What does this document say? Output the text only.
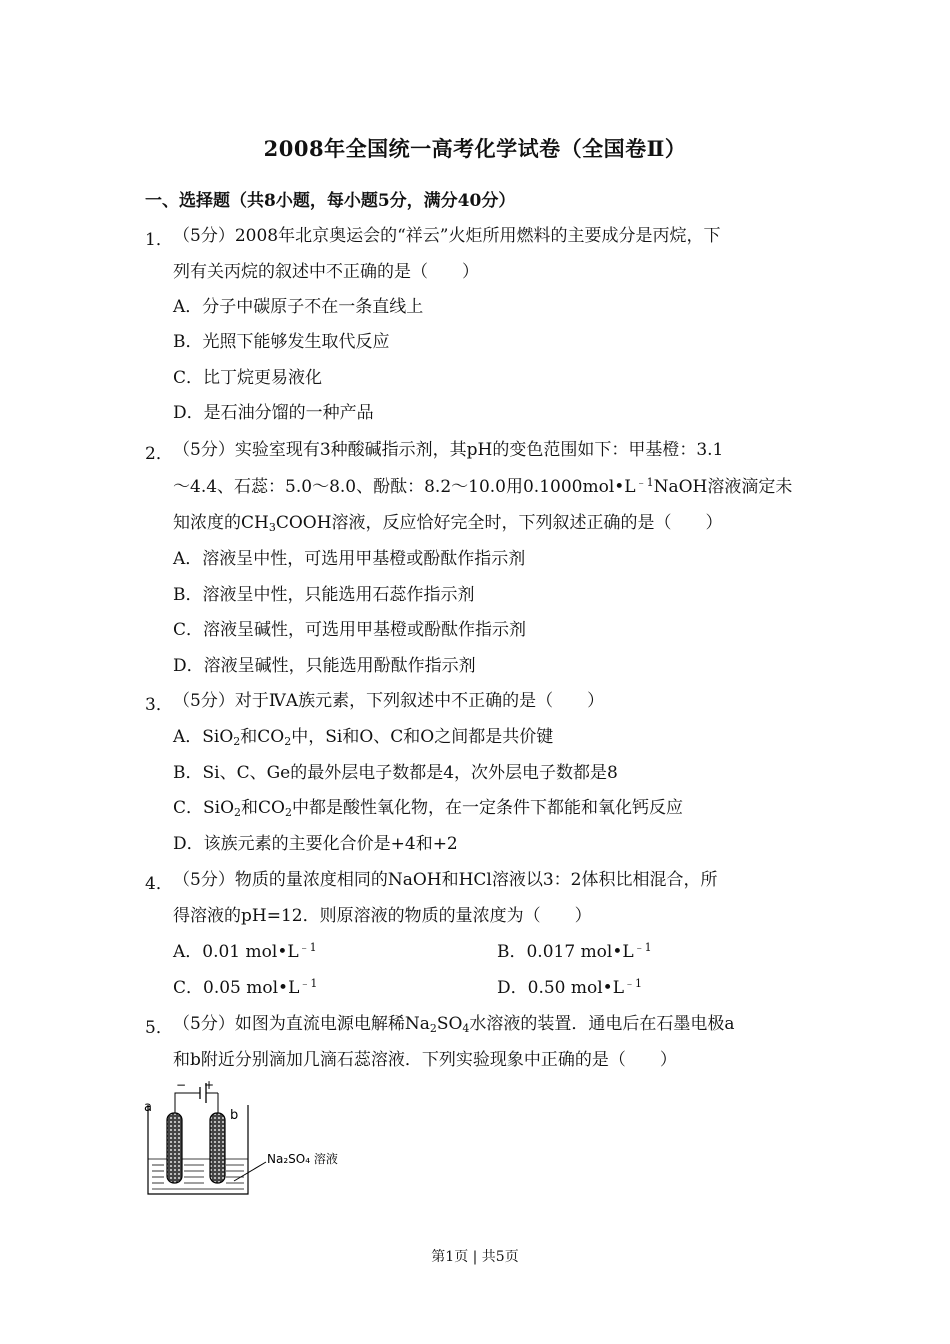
2008年全国统一高考化学试卷（全国卷Ⅱ）
一、选择题（共8小题，每小题5分，满分40分）
1． （5分）2008年北京奥运会的“祥云”火炬所用燃料的主要成分是丙烷，下
列有关丙烷的叙述中不正确的是（　　）
A．分子中碳原子不在一条直线上
B．光照下能够发生取代反应
C．比丁烷更易液化
D．是石油分馏的一种产品
2． （5分）实验室现有3种酸碱指示剂，其pH的变色范围如下：甲基橙：3.1
～4.4、石蕊：5.0～8.0、酚酞：8.2～10.0用$0.1000mol•L^{﹣1}NaOH$溶液滴定未
知浓度的$CH_3COOH$溶液，反应恰好完全时，下列叙述正确的是（　　）
A．溶液呈中性，可选用甲基橙或酚酞作指示剂
B．溶液呈中性，只能选用石蕊作指示剂
C．溶液呈碱性，可选用甲基橙或酚酞作指示剂
D．溶液呈碱性，只能选用酚酞作指示剂
3． （5分）对于ⅣA族元素，下列叙述中不正确的是（　　）
A．SiO$_2$和$CO_2$中，Si和O、C和O之间都是共价键
B．Si、C、Ge的最外层电子数都是4，次外层电子数都是8
C．SiO$_2$和$CO_2$中都是酸性氧化物，在一定条件下都能和氧化钙反应
D．该族元素的主要化合价是+4和+2
4． （5分）物质的量浓度相同的NaOH和HCl溶液以3：2体积比相混合，所
得溶液的pH=12．则原溶液的物质的量浓度为（　　）
A．0.01 $mol•L^{﹣1}$	B．0.017 $mol•L^{﹣1}$
C．0.05 $mol•L^{﹣1}$	D．0.50 $mol•L^{﹣1}$
5． （5分）如图为直流电源电解稀$Na_2SO_4$水溶液的装置．通电后在石墨电极a
和b附近分别滴加几滴石蕊溶液．下列实验现象中正确的是（　　）
− +
a
b
Na₂SO₄ 溶液
第1页 | 共5页
